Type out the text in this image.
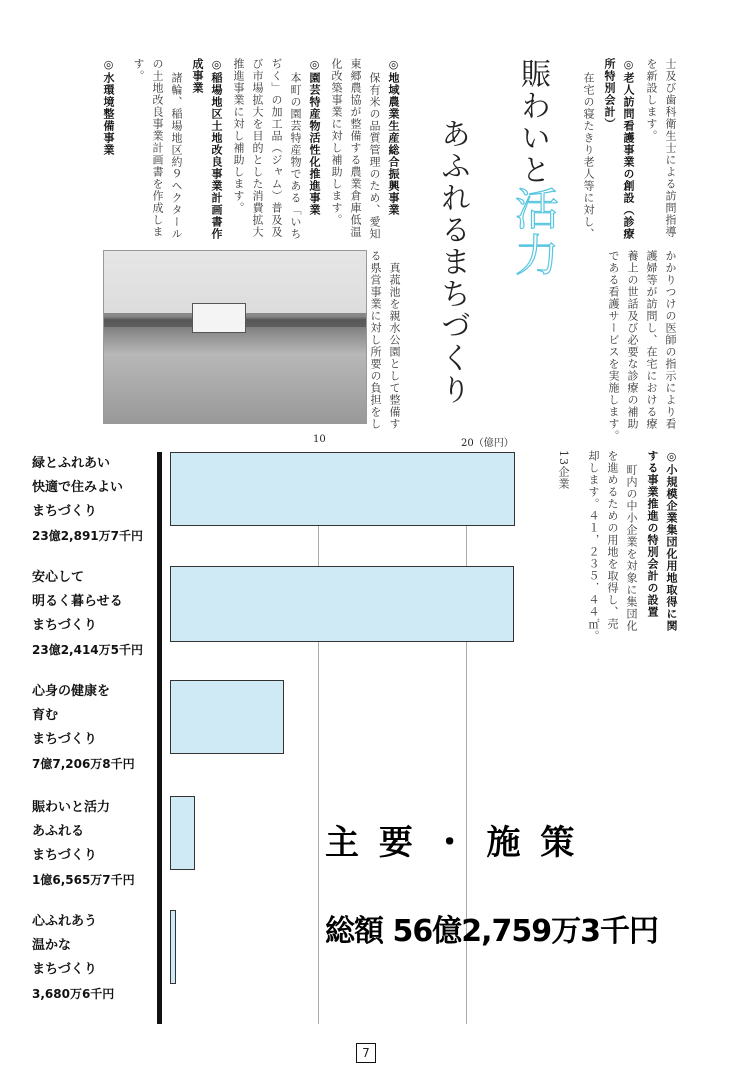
賑わいと活力
あふれるまちづくり	士及び歯科衛生士による訪問指導
を新設します。
◎老人訪問看護事業の創設（診療
所特別会計）
在宅の寝たきり老人等に対し、
かかりつけの医師の指示により看
護婦等が訪問し、在宅における療
養上の世話及び必要な診療の補助
である看護サービスを実施します。
◎地域農業生産総合振興事業
保有米の品質管理のため、愛知
東郷農協が整備する農業倉庫低温
化改築事業に対し補助します。
◎園芸特産物活性化推進事業
本町の園芸特産物である「いち
ぢく」の加工品（ジャム）普及及
び市場拡大を目的とした消費拡大
推進事業に対し補助します。
◎稲場地区土地改良事業計画書作
成事業
諸輪、稲場地区約９ヘクタール
の土地改良事業計画書を作成しま
す。
◎水環境整備事業
真菰池を親水公園として整備す
る県営事業に対し所要の負担をし
◎小規模企業集団化用地取得に関
する事業推進の特別会計の設置
町内の中小企業を対象に集団化
を進めるための用地を取得し、売
却します。４１，２３５．４４㎡。
13企業
10	20（億円）
緑とふれあい
快適で住みよい
まちづくり
23億2,891万7千円
安心して
明るく暮らせる
まちづくり
23億2,414万5千円
心身の健康を
育む
まちづくり
7億7,206万8千円
賑わいと活力
あふれる
まちづくり
1億6,565万7千円
心ふれあう
温かな
まちづくり
3,680万6千円
主 要 ・ 施 策
総額 56億2,759万3千円
7
